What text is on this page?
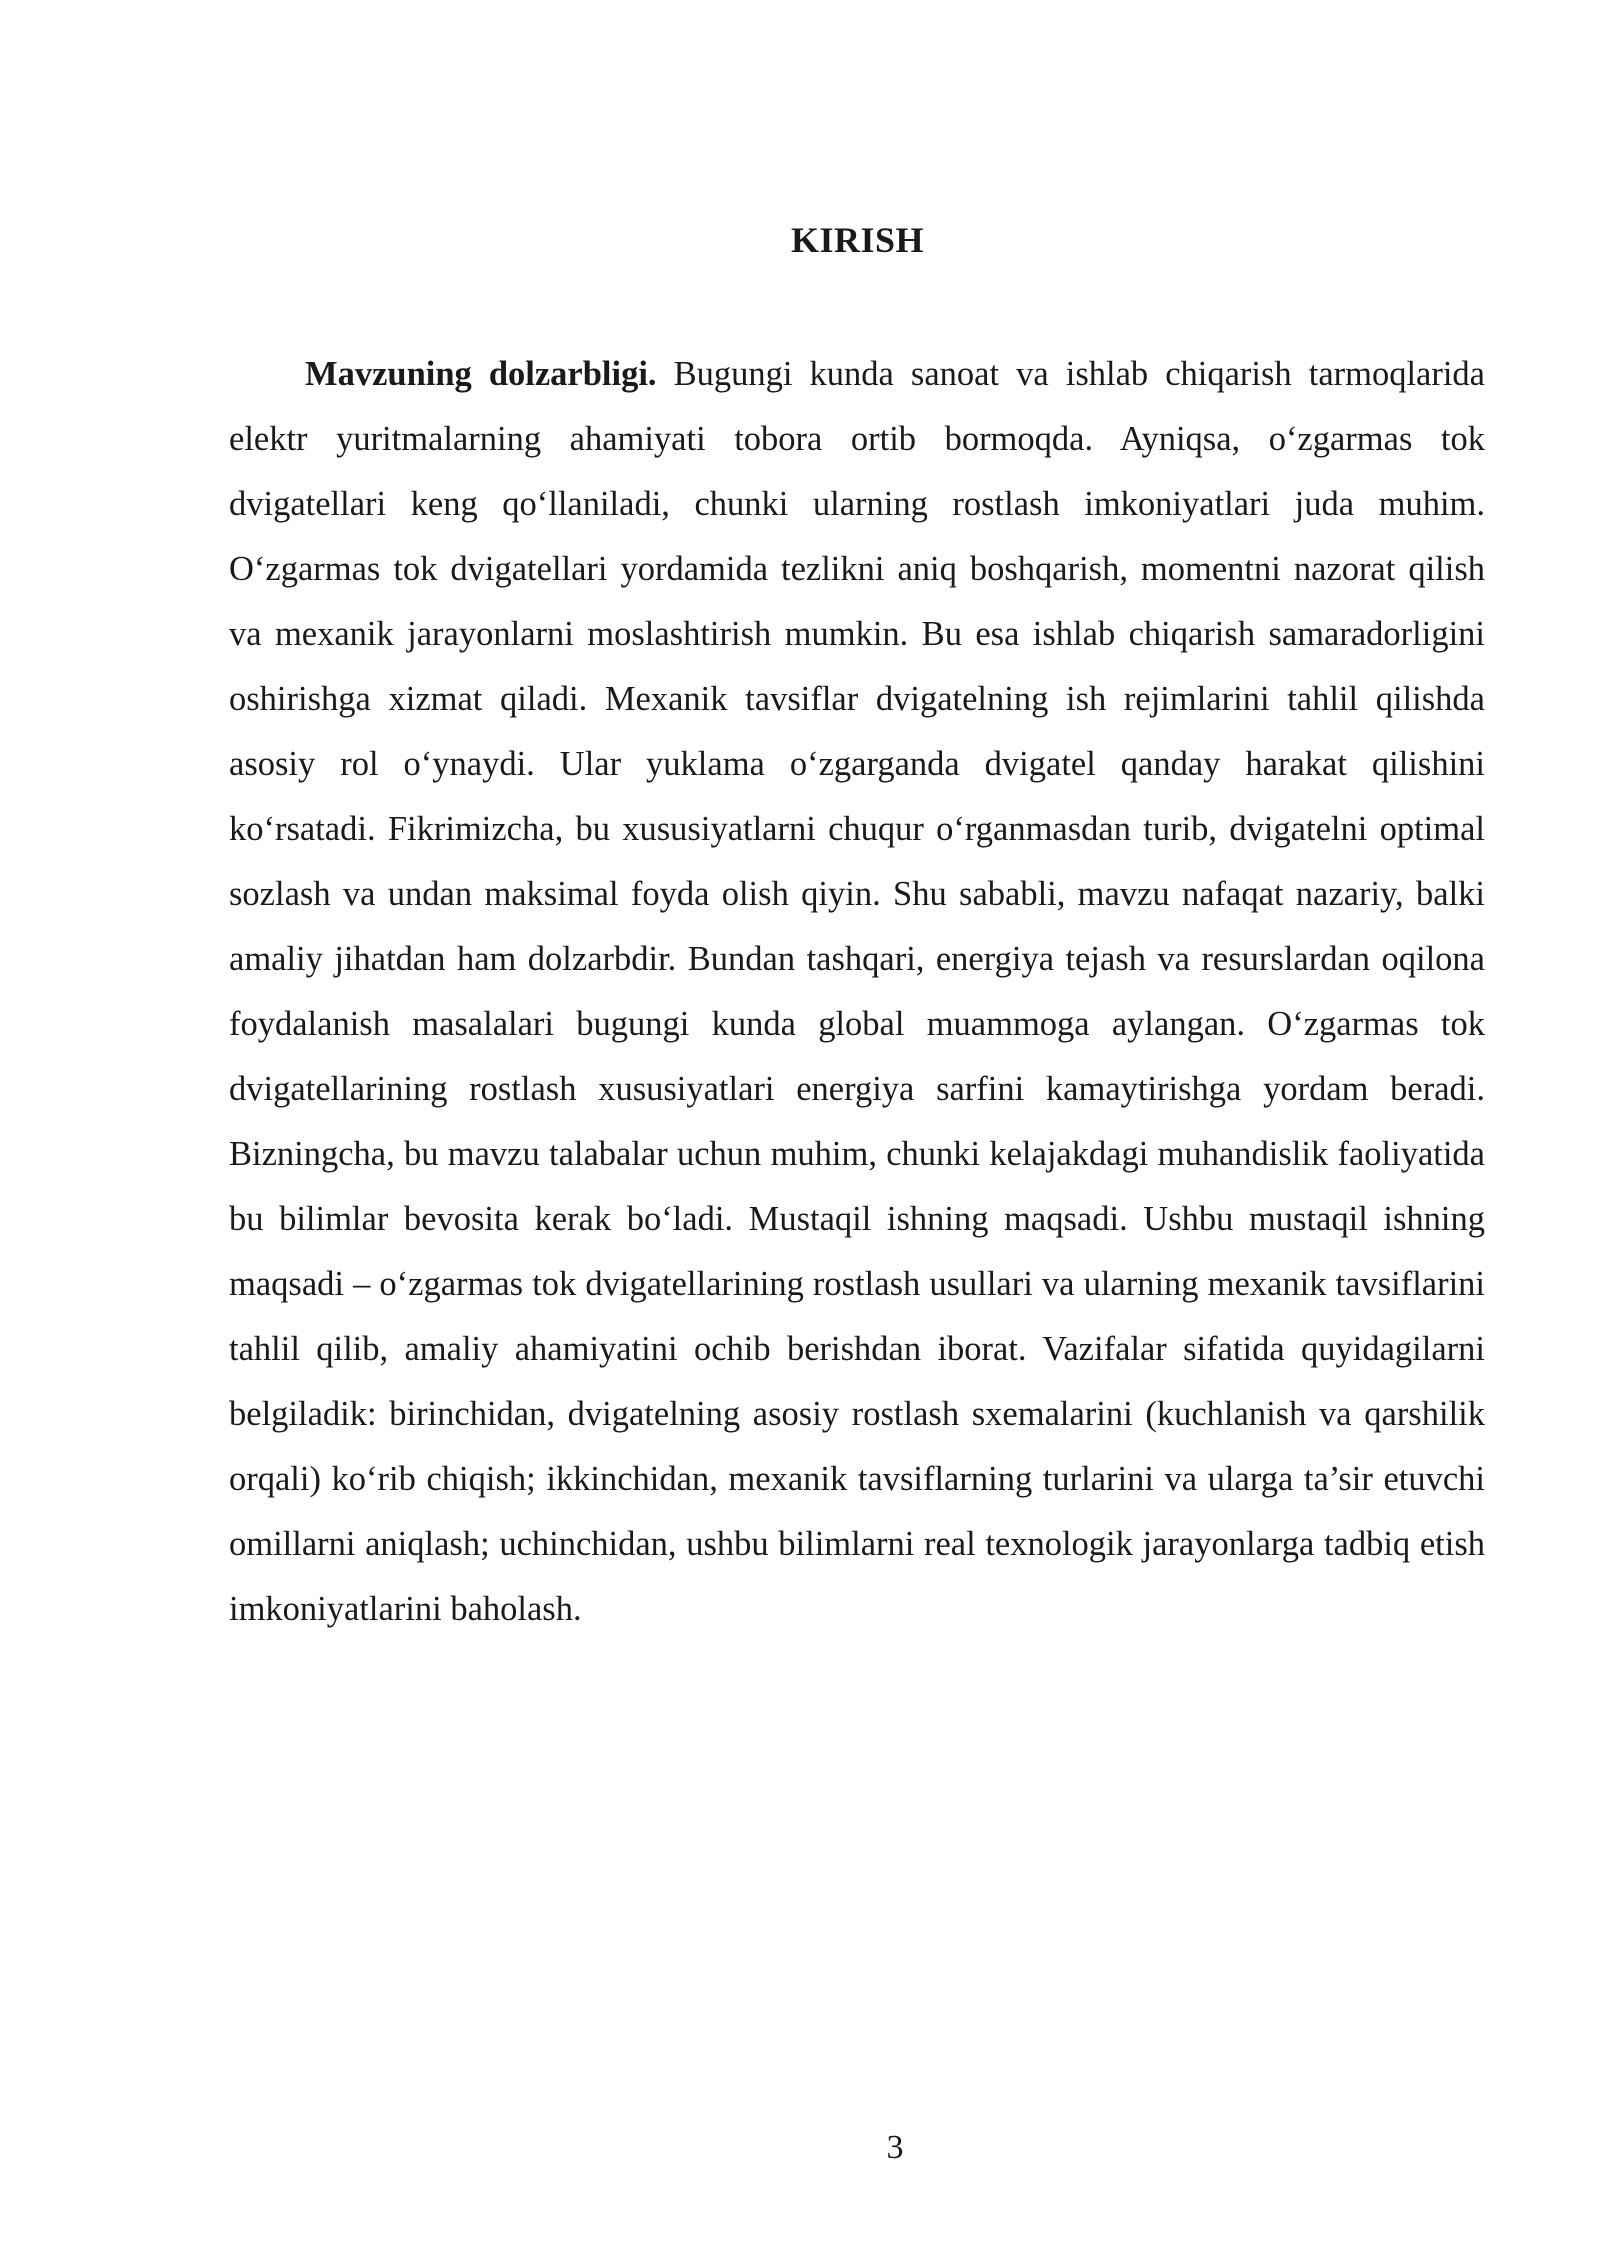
KIRISH

Mavzuning dolzarbligi. Bugungi kunda sanoat va ishlab chiqarish tarmoqlarida elektr yuritmalarning ahamiyati tobora ortib bormoqda. Ayniqsa, o‘zgarmas tok dvigatellari keng qo‘llaniladi, chunki ularning rostlash imkoniyatlari juda muhim. O‘zgarmas tok dvigatellari yordamida tezlikni aniq boshqarish, momentni nazorat qilish va mexanik jarayonlarni moslashtirish mumkin. Bu esa ishlab chiqarish samaradorligini oshirishga xizmat qiladi. Mexanik tavsiflar dvigatelning ish rejimlarini tahlil qilishda asosiy rol o‘ynaydi. Ular yuklama o‘zgarganda dvigatel qanday harakat qilishini ko‘rsatadi. Fikrimizcha, bu xususiyatlarni chuqur o‘rganmasdan turib, dvigatelni optimal sozlash va undan maksimal foyda olish qiyin. Shu sababli, mavzu nafaqat nazariy, balki amaliy jihatdan ham dolzarbdir. Bundan tashqari, energiya tejash va resurslardan oqilona foydalanish masalalari bugungi kunda global muammoga aylangan. O‘zgarmas tok dvigatellarining rostlash xususiyatlari energiya sarfini kamaytirishga yordam beradi. Bizningcha, bu mavzu talabalar uchun muhim, chunki kelajakdagi muhandislik faoliyatida bu bilimlar bevosita kerak bo‘ladi. Mustaqil ishning maqsadi. Ushbu mustaqil ishning maqsadi – o‘zgarmas tok dvigatellarining rostlash usullari va ularning mexanik tavsiflarini tahlil qilib, amaliy ahamiyatini ochib berishdan iborat. Vazifalar sifatida quyidagilarni belgiladik: birinchidan, dvigatelning asosiy rostlash sxemalarini (kuchlanish va qarshilik orqali) ko‘rib chiqish; ikkinchidan, mexanik tavsiflarning turlarini va ularga ta’sir etuvchi omillarni aniqlash; uchinchidan, ushbu bilimlarni real texnologik jarayonlarga tadbiq etish imkoniyatlarini baholash.

3
